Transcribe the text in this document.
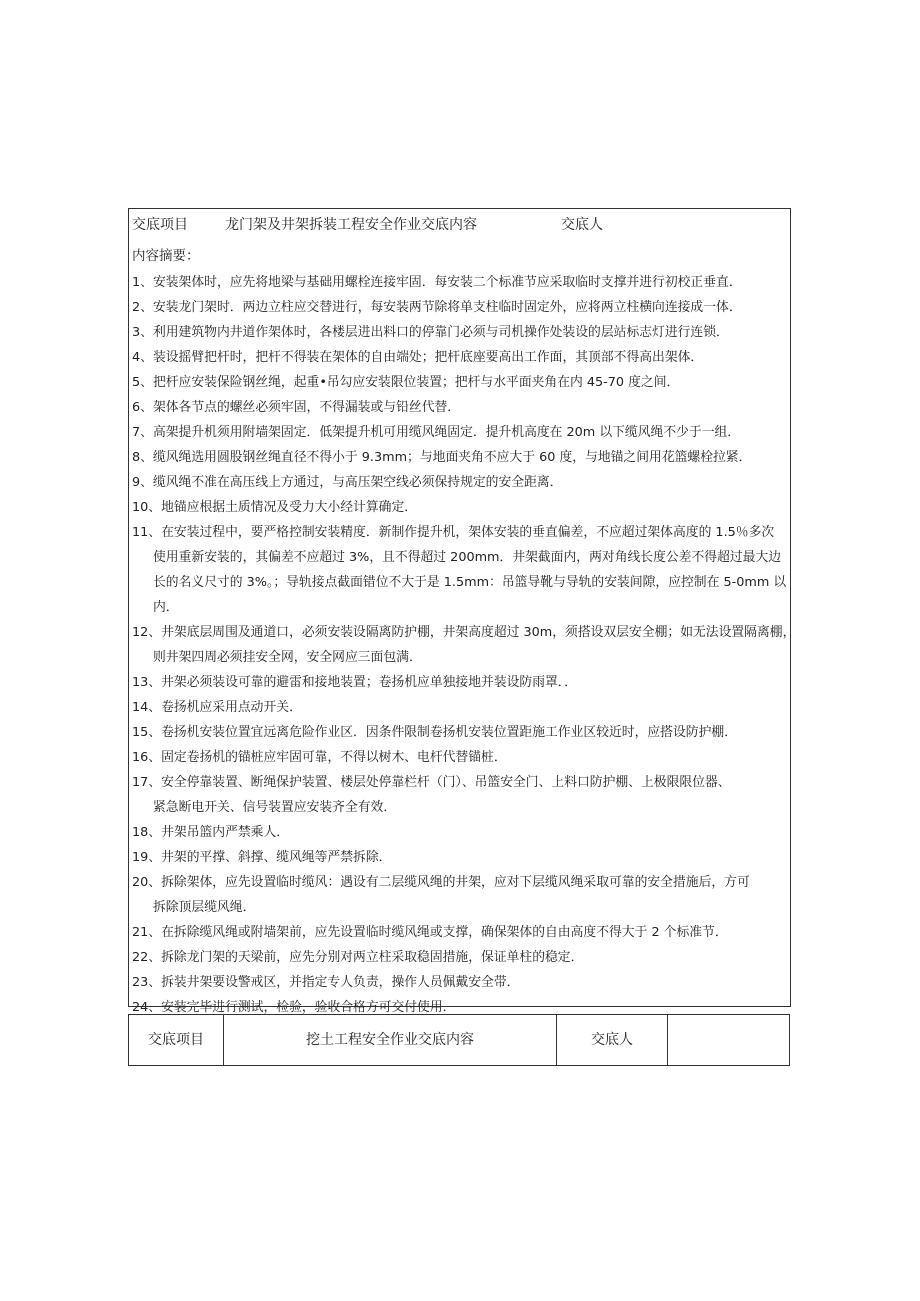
交底项目	龙门架及井架拆装工程安全作业交底内容	交底人
内容摘要：
1、安装架体时，应先将地梁与基础用螺栓连接牢固．每安装二个标准节应采取临时支撑并进行初校正垂直．
2、安装龙门架时．两边立柱应交替进行，每安装两节除将单支柱临时固定外，应将两立柱横向连接成一体．
3、利用建筑物内井道作架体时，各楼层进出料口的停靠门必须与司机操作处装设的层站标志灯进行连锁．
4、装设摇臂把杆时，把杆不得装在架体的自由端处；把杆底座要高出工作面，其顶部不得高出架体．
5、把杆应安装保险钢丝绳，起重•吊勾应安装限位装置；把杆与水平面夹角在内 45-70 度之间．
6、架体各节点的螺丝必须牢固，不得漏装或与铅丝代替．
7、高架提升机须用附墙架固定．低架提升机可用缆风绳固定．提升机高度在 20m 以下缆风绳不少于一组．
8、缆风绳选用圆股钢丝绳直径不得小于 9.3mm；与地面夹角不应大于 60 度，与地锚之间用花篮螺栓拉紧．
9、缆风绳不准在高压线上方通过，与高压架空线必须保持规定的安全距离．
10、地锚应根据土质情况及受力大小经计算确定．
11、在安装过程中，要严格控制安装精度．新制作提升机，架体安装的垂直偏差，不应超过架体高度的 1.5％多次
使用重新安装的，其偏差不应超过 3%，且不得超过 200mm．井架截面内，两对角线长度公差不得超过最大边
长的名义尺寸的 3%。；导轨接点截面错位不大于是 1.5mm：吊篮导靴与导轨的安装间隙，应控制在 5-0mm 以
内．
12、井架底层周围及通道口，必须安装设隔离防护棚，井架高度超过 30m，须搭设双层安全棚；如无法设置隔离棚，
则井架四周必须挂安全网，安全网应三面包满．
13、井架必须装设可靠的避雷和接地装置；卷扬机应单独接地并装设防雨罩．．
14、卷扬机应采用点动开关．
15、卷扬机安装位置宜远离危险作业区．因条件限制卷扬机安装位置距施工作业区较近时，应搭设防护棚．
16、固定卷扬机的锚桩应牢固可靠，不得以树木、电杆代替锚桩．
17、安全停靠装置、断绳保护装置、楼层处停靠栏杆（门）、吊篮安全门、上料口防护棚、上极限限位器、
紧急断电开关、信号装置应安装齐全有效．
18、井架吊篮内严禁乘人．
19、井架的平撑、斜撑、缆风绳等严禁拆除．
20、拆除架体，应先设置临时缆风：遇设有二层缆风绳的井架，应对下层缆风绳采取可靠的安全措施后，方可
拆除顶层缆风绳．
21、在拆除缆风绳或附墙架前，应先设置临时缆风绳或支撑，确保架体的自由高度不得大于 2 个标准节．
22、拆除龙门架的天梁前，应先分别对两立柱采取稳固措施，保证单柱的稳定．
23、拆装井架要设警戒区，并指定专人负责，操作人员佩戴安全带．
24、安装完毕进行测试，检验，验收合格方可交付使用．
交底项目	挖土工程安全作业交底内容	交底人
